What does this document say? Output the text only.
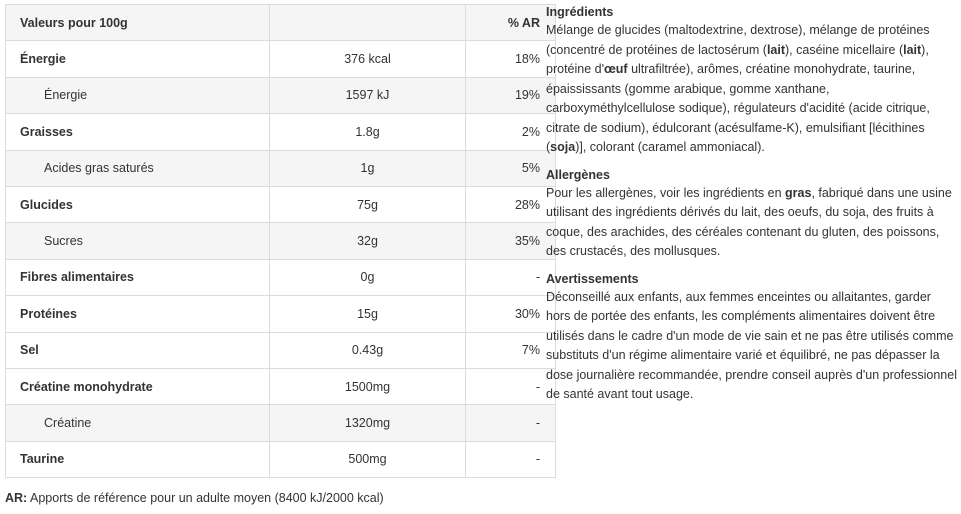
Valeurs pour 100g		% AR
Énergie	376 kcal	18%
Énergie	1597 kJ	19%
Graisses	1.8g	2%
Acides gras saturés	1g	5%
Glucides	75g	28%
Sucres	32g	35%
Fibres alimentaires	0g	-
Protéines	15g	30%
Sel	0.43g	7%
Créatine monohydrate	1500mg	-
Créatine	1320mg	-
Taurine	500mg	-
AR: Apports de référence pour un adulte moyen (8400 kJ/2000 kcal)
Ingrédients

Mélange de glucides (maltodextrine, dextrose), mélange de protéines (concentré de protéines de lactosérum (lait), caséine micellaire (lait), protéine d'œuf ultrafiltrée), arômes, créatine monohydrate, taurine, épaississants (gomme arabique, gomme xanthane, carboxyméthylcellulose sodique), régulateurs d'acidité (acide citrique, citrate de sodium), édulcorant (acésulfame-K), emulsifiant [lécithines (soja)], colorant (caramel ammoniacal).

Allergènes

Pour les allergènes, voir les ingrédients en gras, fabriqué dans une usine utilisant des ingrédients dérivés du lait, des oeufs, du soja, des fruits à coque, des arachides, des céréales contenant du gluten, des poissons, des crustacés, des mollusques.

Avertissements

Déconseillé aux enfants, aux femmes enceintes ou allaitantes, garder hors de portée des enfants, les compléments alimentaires doivent être utilisés dans le cadre d'un mode de vie sain et ne pas être utilisés comme substituts d'un régime alimentaire varié et équilibré, ne pas dépasser la dose journalière recommandée, prendre conseil auprès d'un professionnel de santé avant tout usage.
